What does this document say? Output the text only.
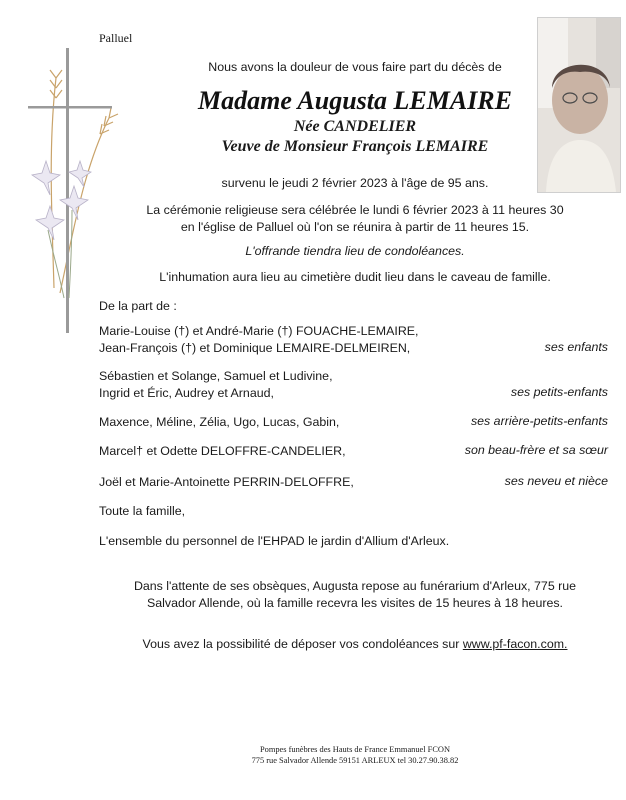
Palluel
Nous avons la douleur de vous faire part du décès de
Madame Augusta LEMAIRE
Née CANDELIER
Veuve de Monsieur François LEMAIRE
survenu le jeudi 2 février 2023 à l'âge de 95 ans.
La cérémonie religieuse sera célébrée le lundi 6 février 2023 à 11 heures 30
en l'église de Palluel où l'on se réunira à partir de 11 heures 15.
L'offrande tiendra lieu de condoléances.
L'inhumation aura lieu au cimetière dudit lieu dans le caveau de famille.
De la part de :
Marie-Louise (†) et André-Marie (†) FOUACHE-LEMAIRE,
Jean-François (†) et Dominique LEMAIRE-DELMEIREN,	ses enfants
Sébastien et Solange, Samuel et Ludivine,
Ingrid et Éric, Audrey et Arnaud,	ses petits-enfants
Maxence, Méline, Zélia, Ugo, Lucas, Gabin,	ses arrière-petits-enfants
Marcel† et Odette DELOFFRE-CANDELIER,	son beau-frère et sa sœur
Joël et Marie-Antoinette PERRIN-DELOFFRE,	ses neveu et nièce
Toute la famille,
L'ensemble du personnel de l'EHPAD le jardin d'Allium d'Arleux.
Dans l'attente de ses obsèques, Augusta repose au funérarium d'Arleux, 775 rue
Salvador Allende, où la famille recevra les visites de 15 heures à 18 heures.
Vous avez la possibilité de déposer vos condoléances sur www.pf-facon.com.
Pompes funèbres des Hauts de France Emmanuel FCON
775 rue Salvador Allende 59151 ARLEUX tel 30.27.90.38.82
